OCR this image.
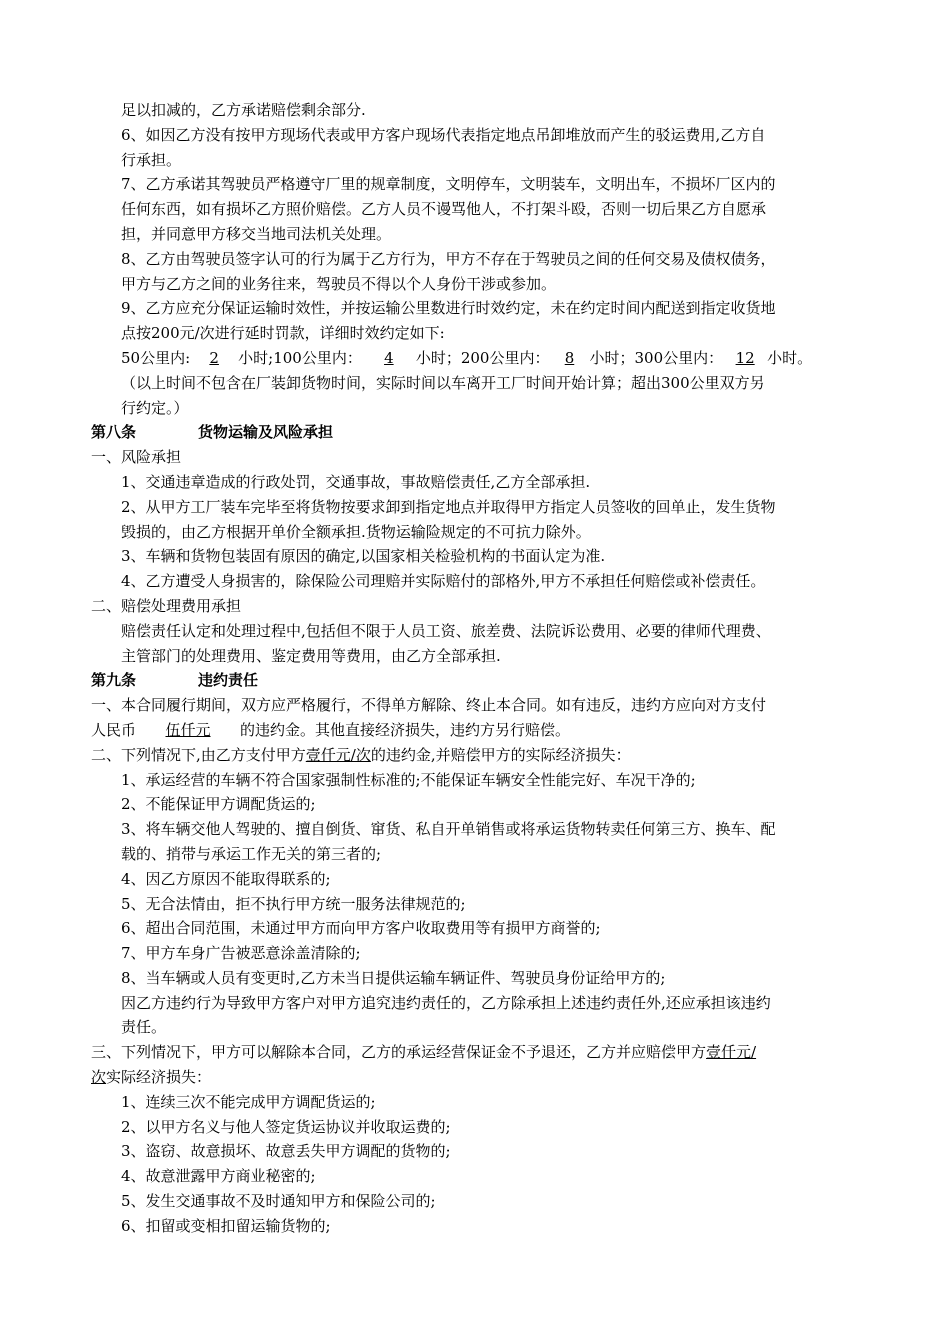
足以扣减的，乙方承诺赔偿剩余部分.
6、如因乙方没有按甲方现场代表或甲方客户现场代表指定地点吊卸堆放而产生的驳运费用,乙方自
行承担。
7、乙方承诺其驾驶员严格遵守厂里的规章制度，文明停车，文明装车，文明出车，不损坏厂区内的
任何东西，如有损坏乙方照价赔偿。乙方人员不谩骂他人，不打架斗殴，否则一切后果乙方自愿承
担，并同意甲方移交当地司法机关处理。
8、乙方由驾驶员签字认可的行为属于乙方行为，甲方不存在于驾驶员之间的任何交易及债权债务，
甲方与乙方之间的业务往来，驾驶员不得以个人身份干涉或参加。
9、乙方应充分保证运输时效性，并按运输公里数进行时效约定，未在约定时间内配送到指定收货地
点按200元/次进行延时罚款，详细时效约定如下:
50公里内: 2 小时;100公里内： 4 小时；200公里内： 8 小时；300公里内： 12 小时。
（以上时间不包含在厂装卸货物时间，实际时间以车离开工厂时间开始计算；超出300公里双方另
行约定。）
第八条	货物运输及风险承担
一、风险承担
1、交通违章造成的行政处罚，交通事故，事故赔偿责任,乙方全部承担.
2、从甲方工厂装车完毕至将货物按要求卸到指定地点并取得甲方指定人员签收的回单止，发生货物
毁损的，由乙方根据开单价全额承担.货物运输险规定的不可抗力除外。
3、车辆和货物包装固有原因的确定,以国家相关检验机构的书面认定为准.
4、乙方遭受人身损害的，除保险公司理赔并实际赔付的部格外,甲方不承担任何赔偿或补偿责任。
二、赔偿处理费用承担
赔偿责任认定和处理过程中,包括但不限于人员工资、旅差费、法院诉讼费用、必要的律师代理费、
主管部门的处理费用、鉴定费用等费用，由乙方全部承担.
第九条	违约责任
一、本合同履行期间，双方应严格履行，不得单方解除、终止本合同。如有违反，违约方应向对方支付
人民币 伍仟元 的违约金。其他直接经济损失，违约方另行赔偿。
二、下列情况下,由乙方支付甲方壹仟元/次的违约金,并赔偿甲方的实际经济损失：
1、承运经营的车辆不符合国家强制性标准的;不能保证车辆安全性能完好、车况干净的;
2、不能保证甲方调配货运的;
3、将车辆交他人驾驶的、擅自倒货、窜货、私自开单销售或将承运货物转卖任何第三方、换车、配
载的、捎带与承运工作无关的第三者的;
4、因乙方原因不能取得联系的;
5、无合法情由，拒不执行甲方统一服务法律规范的;
6、超出合同范围，未通过甲方而向甲方客户收取费用等有损甲方商誉的;
7、甲方车身广告被恶意涂盖清除的;
8、当车辆或人员有变更时,乙方未当日提供运输车辆证件、驾驶员身份证给甲方的;
因乙方违约行为导致甲方客户对甲方追究违约责任的，乙方除承担上述违约责任外,还应承担该违约
责任。
三、下列情况下，甲方可以解除本合同，乙方的承运经营保证金不予退还，乙方并应赔偿甲方壹仟元/
次实际经济损失：
1、连续三次不能完成甲方调配货运的;
2、以甲方名义与他人签定货运协议并收取运费的;
3、盗窃、故意损坏、故意丢失甲方调配的货物的;
4、故意泄露甲方商业秘密的;
5、发生交通事故不及时通知甲方和保险公司的;
6、扣留或变相扣留运输货物的;
